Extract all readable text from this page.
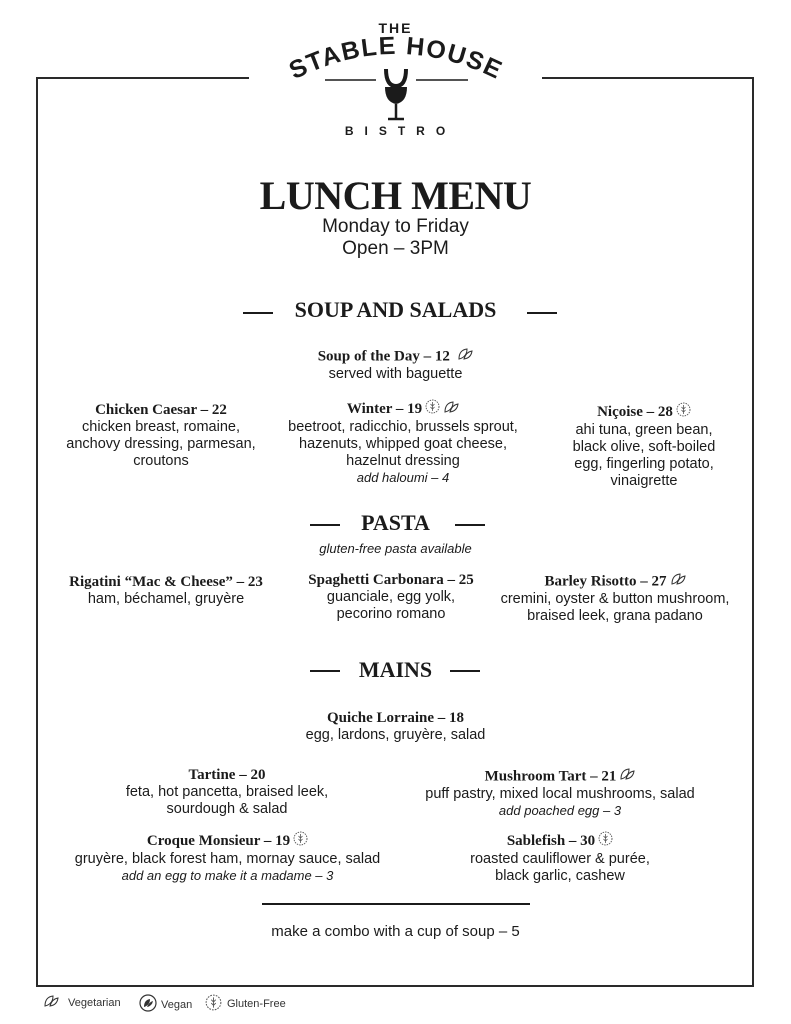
THE
STABLE HOUSE
BISTRO
LUNCH MENU
Monday to Friday
Open – 3PM
SOUP AND SALADS
Soup of the Day – 12
served with baguette
Chicken Caesar – 22
chicken breast, romaine,
anchovy dressing, parmesan,
croutons
Winter – 19
beetroot, radicchio, brussels sprout,
hazenuts, whipped goat cheese,
hazelnut dressing
add haloumi – 4
Niçoise – 28
ahi tuna, green bean,
black olive, soft-boiled
egg, fingerling potato,
vinaigrette
PASTA
gluten-free pasta available
Rigatini “Mac & Cheese” – 23
ham, béchamel, gruyère
Spaghetti Carbonara – 25
guanciale, egg yolk,
pecorino romano
Barley Risotto – 27
cremini, oyster & button mushroom,
braised leek, grana padano
MAINS
Quiche Lorraine – 18
egg, lardons, gruyère, salad
Tartine – 20
feta, hot pancetta, braised leek,
sourdough & salad
Mushroom Tart – 21
puff pastry, mixed local mushrooms, salad
add poached egg – 3
Croque Monsieur – 19
gruyère, black forest ham, mornay sauce, salad
add an egg to make it a madame – 3
Sablefish – 30
roasted cauliflower & purée,
black garlic, cashew
make a combo with a cup of soup – 5
Vegetarian	Vegan	Gluten-Free
